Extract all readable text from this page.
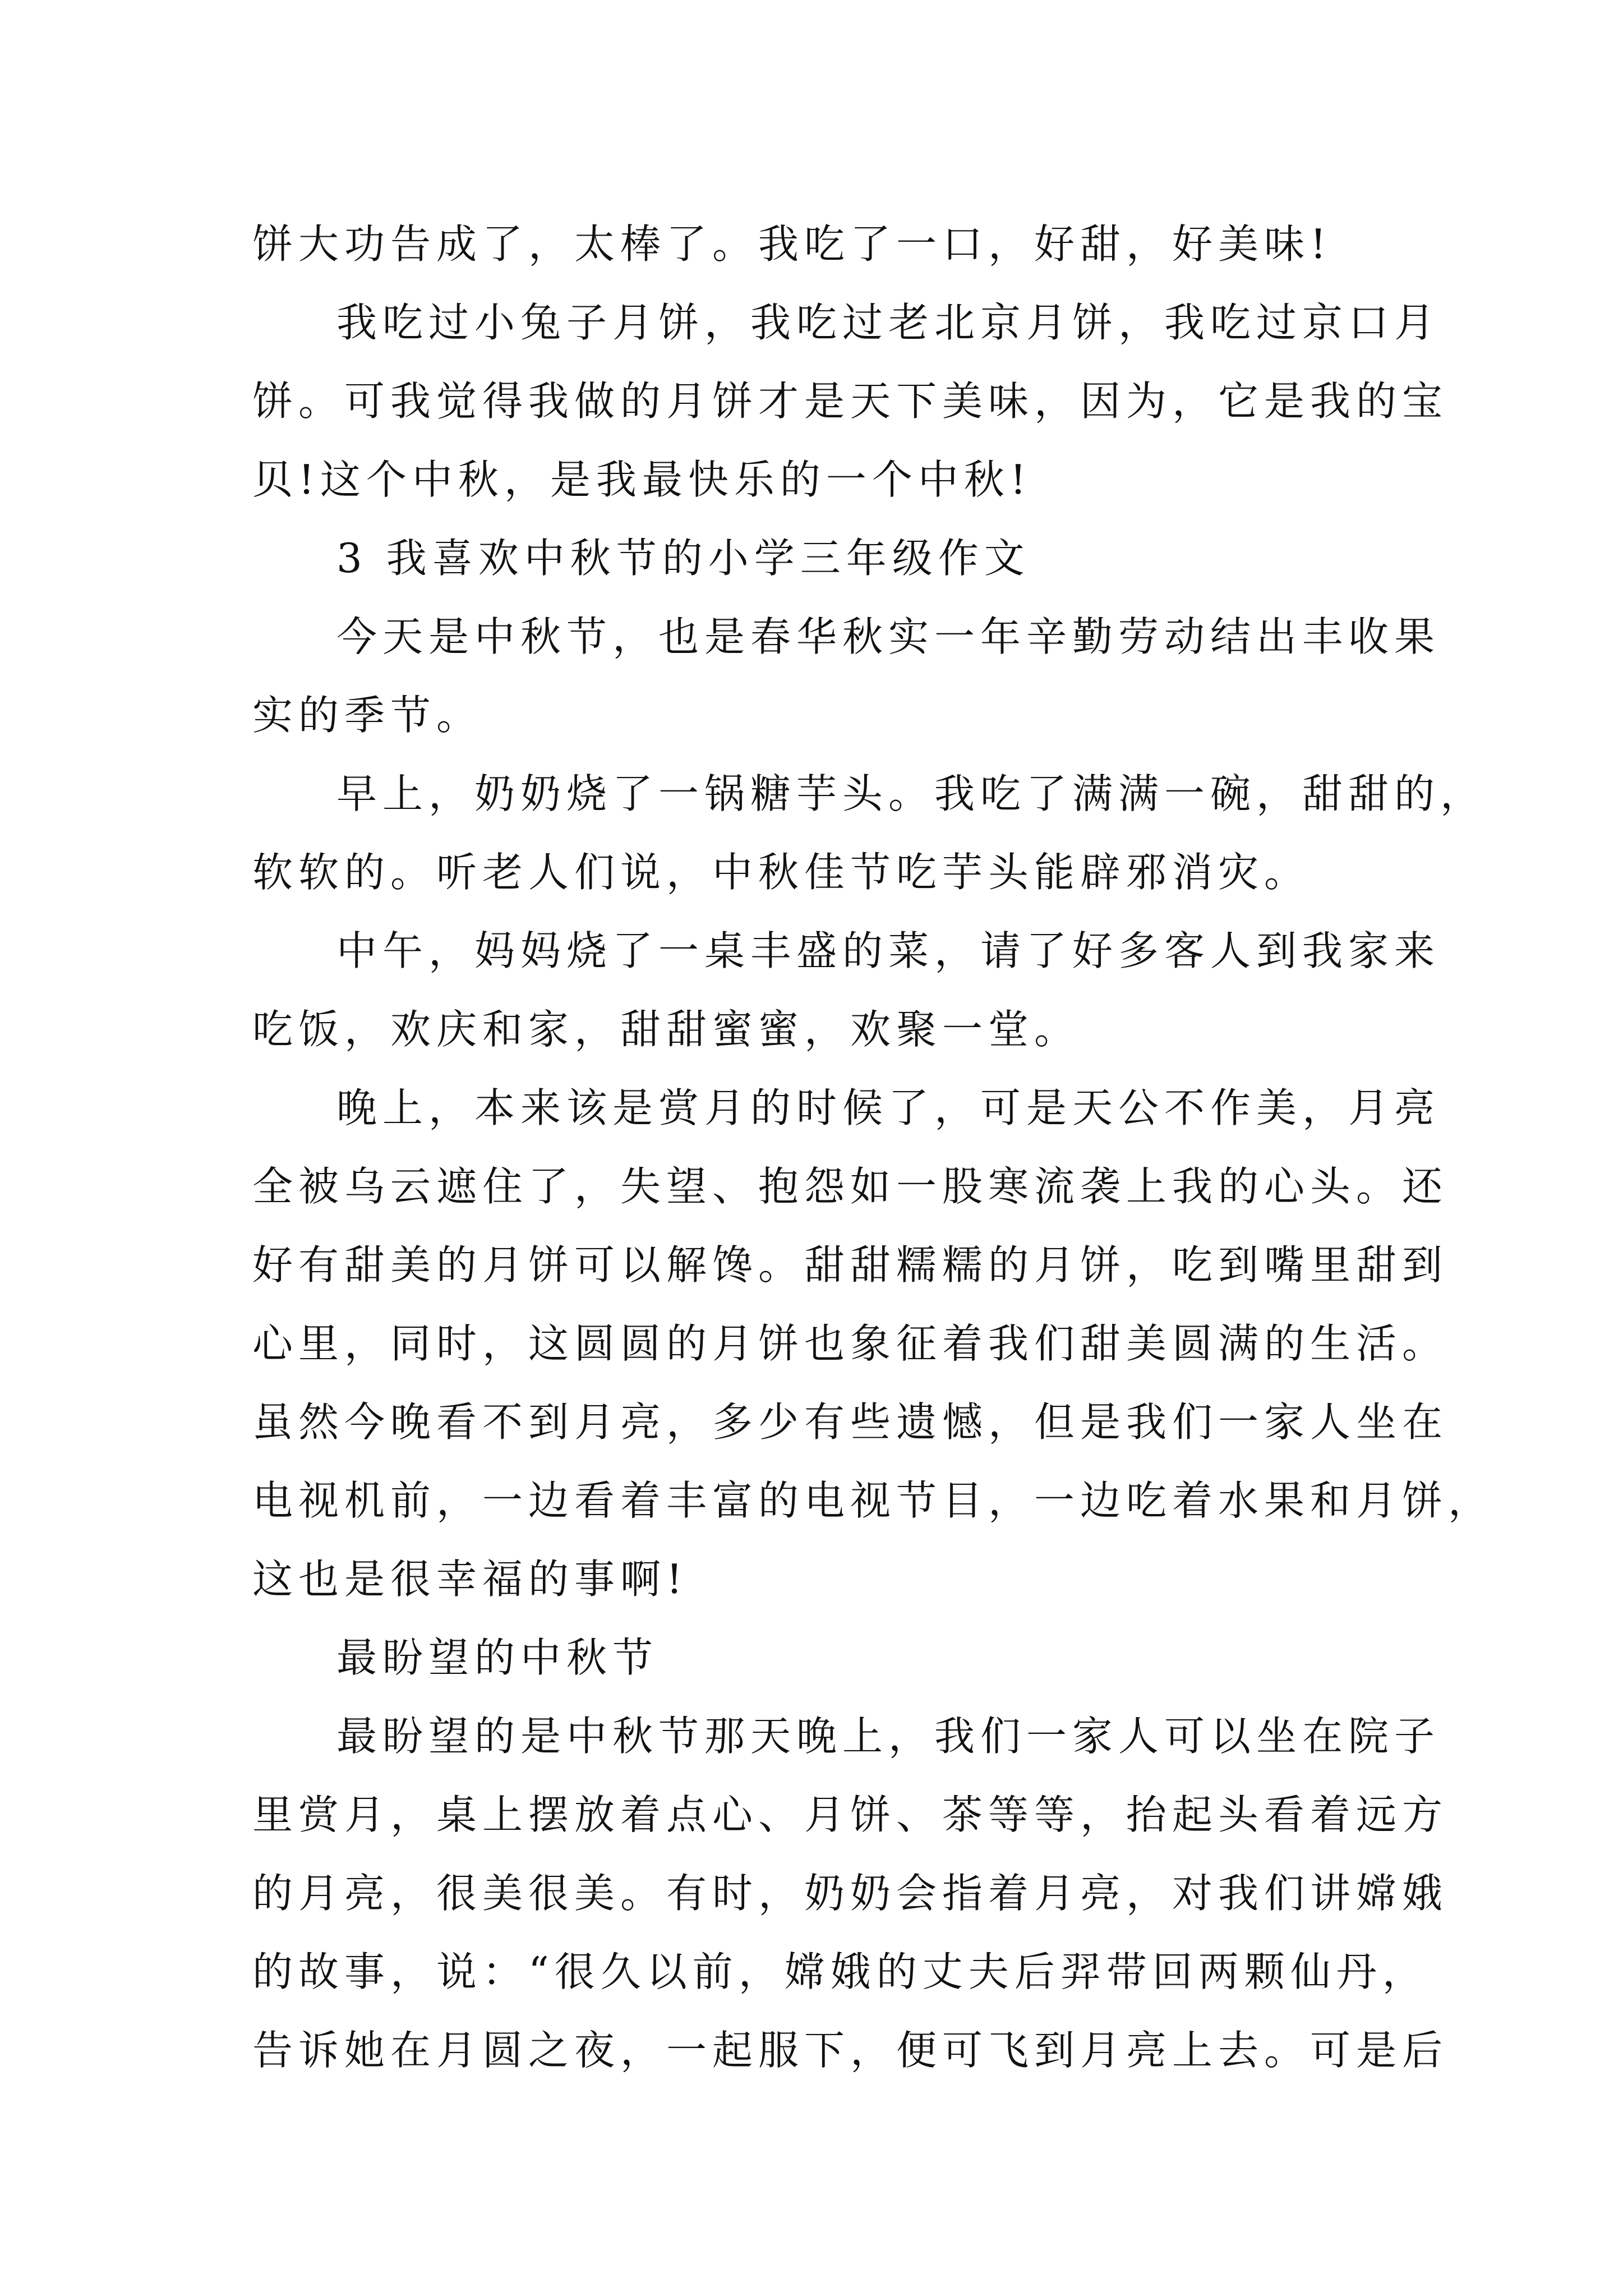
饼大功告成了，太棒了。我吃了一口，好甜，好美味!
我吃过小兔子月饼，我吃过老北京月饼，我吃过京口月
饼。可我觉得我做的月饼才是天下美味，因为，它是我的宝
贝!这个中秋，是我最快乐的一个中秋!
3 我喜欢中秋节的小学三年级作文
今天是中秋节，也是春华秋实一年辛勤劳动结出丰收果
实的季节。
早上，奶奶烧了一锅糖芋头。我吃了满满一碗，甜甜的，
软软的。听老人们说，中秋佳节吃芋头能辟邪消灾。
中午，妈妈烧了一桌丰盛的菜，请了好多客人到我家来
吃饭，欢庆和家，甜甜蜜蜜，欢聚一堂。
晚上，本来该是赏月的时候了，可是天公不作美，月亮
全被乌云遮住了，失望、抱怨如一股寒流袭上我的心头。还
好有甜美的月饼可以解馋。甜甜糯糯的月饼，吃到嘴里甜到
心里，同时，这圆圆的月饼也象征着我们甜美圆满的生活。
虽然今晚看不到月亮，多少有些遗憾，但是我们一家人坐在
电视机前，一边看着丰富的电视节目，一边吃着水果和月饼，
这也是很幸福的事啊!
最盼望的中秋节
最盼望的是中秋节那天晚上，我们一家人可以坐在院子
里赏月，桌上摆放着点心、月饼、茶等等，抬起头看着远方
的月亮，很美很美。有时，奶奶会指着月亮，对我们讲嫦娥
的故事，说：“很久以前，嫦娥的丈夫后羿带回两颗仙丹，
告诉她在月圆之夜，一起服下，便可飞到月亮上去。可是后
